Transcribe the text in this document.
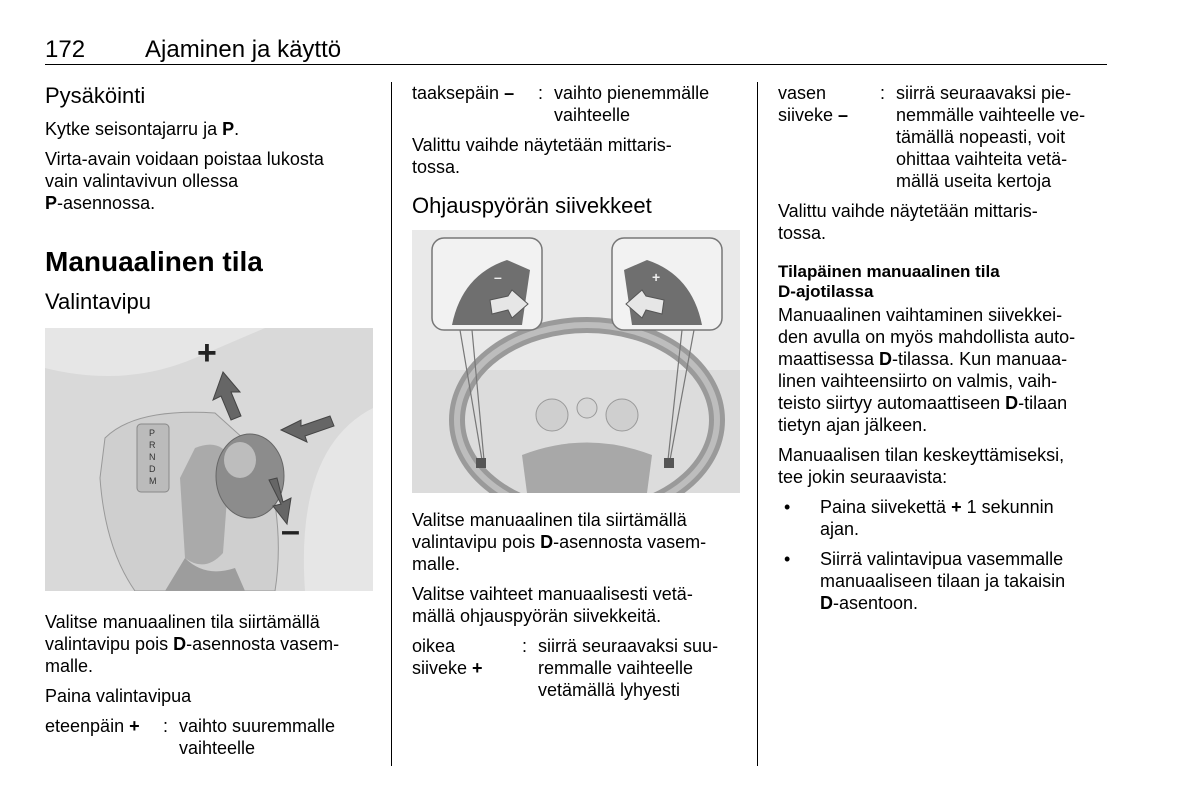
172 Ajaminen ja käyttö
Pysäköinti

Kytke seisontajarru ja P.

Virta-avain voidaan poistaa lukosta
vain valintavivun ollessa
P-asennossa.

Manuaalinen tila
Valintavipu
P
R
N
D
M
+
–

Valitse manuaalinen tila siirtämällä
valintavipu pois D-asennosta vasem-
malle.

Paina valintavipua

eteenpäin +	: vaihto suuremmalle
vaihteelle
taaksepäin –	: vaihto pienemmälle
vaihteelle

Valittu vaihde näytetään mittaris-
tossa.

Ohjauspyörän siivekkeet
–	+

Valitse manuaalinen tila siirtämällä
valintavipu pois D-asennosta vasem-
malle.

Valitse vaihteet manuaalisesti vetä-
mällä ohjauspyörän siivekkeitä.

oikea
siiveke +
: siirrä seuraavaksi suu-
remmalle vaihteelle
vetämällä lyhyesti
vasen
siiveke –
: siirrä seuraavaksi pie-
nemmälle vaihteelle ve-
tämällä nopeasti, voit
ohittaa vaihteita vetä-
mällä useita kertoja

Valittu vaihde näytetään mittaris-
tossa.

Tilapäinen manuaalinen tila
D-ajotilassa

Manuaalinen vaihtaminen siivekkei-
den avulla on myös mahdollista auto-
maattisessa D-tilassa. Kun manuaa-
linen vaihteensiirto on valmis, vaih-
teisto siirtyy automaattiseen D-tilaan
tietyn ajan jälkeen.

Manuaalisen tilan keskeyttämiseksi,
tee jokin seuraavista:

•	Paina siivekettä + 1 sekunnin
ajan.
•	Siirrä valintavipua vasemmalle
manuaaliseen tilaan ja takaisin
D-asentoon.
